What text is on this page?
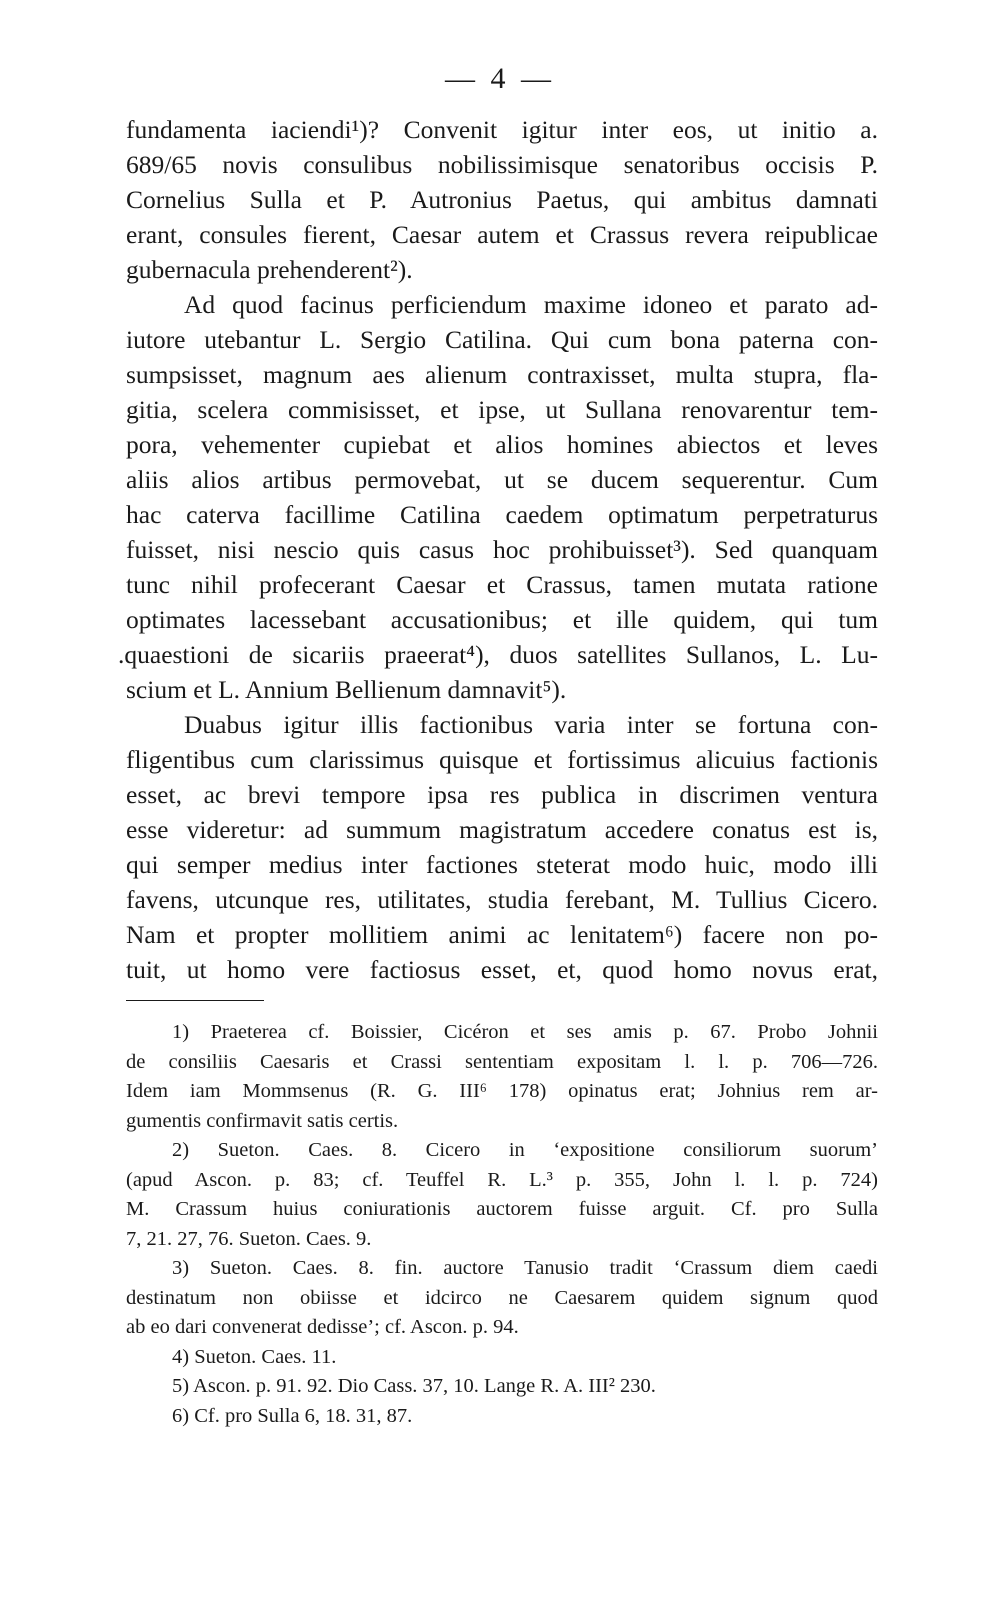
— 4 —
fundamenta iaciendi¹)? Convenit igitur inter eos, ut initio a.
689/65 novis consulibus nobilissimisque senatoribus occisis P.
Cornelius Sulla et P. Autronius Paetus, qui ambitus damnati
erant, consules fierent, Caesar autem et Crassus revera reipublicae
gubernacula prehenderent²).
Ad quod facinus perficiendum maxime idoneo et parato ad-
iutore utebantur L. Sergio Catilina. Qui cum bona paterna con-
sumpsisset, magnum aes alienum contraxisset, multa stupra, fla-
gitia, scelera commisisset, et ipse, ut Sullana renovarentur tem-
pora, vehementer cupiebat et alios homines abiectos et leves
aliis alios artibus permovebat, ut se ducem sequerentur. Cum
hac caterva facillime Catilina caedem optimatum perpetraturus
fuisset, nisi nescio quis casus hoc prohibuisset³). Sed quanquam
tunc nihil profecerant Caesar et Crassus, tamen mutata ratione
optimates lacessebant accusationibus; et ille quidem, qui tum
.quaestioni de sicariis praeerat⁴), duos satellites Sullanos, L. Lu-
scium et L. Annium Bellienum damnavit⁵).
Duabus igitur illis factionibus varia inter se fortuna con-
fligentibus cum clarissimus quisque et fortissimus alicuius factionis
esset, ac brevi tempore ipsa res publica in discrimen ventura
esse videretur: ad summum magistratum accedere conatus est is,
qui semper medius inter factiones steterat modo huic, modo illi
favens, utcunque res, utilitates, studia ferebant, M. Tullius Cicero.
Nam et propter mollitiem animi ac lenitatem⁶) facere non po-
tuit, ut homo vere factiosus esset, et, quod homo novus erat,
1) Praeterea cf. Boissier, Cicéron et ses amis p. 67. Probo Johnii
de consiliis Caesaris et Crassi sententiam expositam l. l. p. 706—726.
Idem iam Mommsenus (R. G. III⁶ 178) opinatus erat; Johnius rem ar-
gumentis confirmavit satis certis.
2) Sueton. Caes. 8. Cicero in ‘expositione consiliorum suorum’
(apud Ascon. p. 83; cf. Teuffel R. L.³ p. 355, John l. l. p. 724)
M. Crassum huius coniurationis auctorem fuisse arguit. Cf. pro Sulla
7, 21. 27, 76. Sueton. Caes. 9.
3) Sueton. Caes. 8. fin. auctore Tanusio tradit ‘Crassum diem caedi
destinatum non obiisse et idcirco ne Caesarem quidem signum quod
ab eo dari convenerat dedisse’; cf. Ascon. p. 94.
4) Sueton. Caes. 11.
5) Ascon. p. 91. 92. Dio Cass. 37, 10. Lange R. A. III² 230.
6) Cf. pro Sulla 6, 18. 31, 87.
